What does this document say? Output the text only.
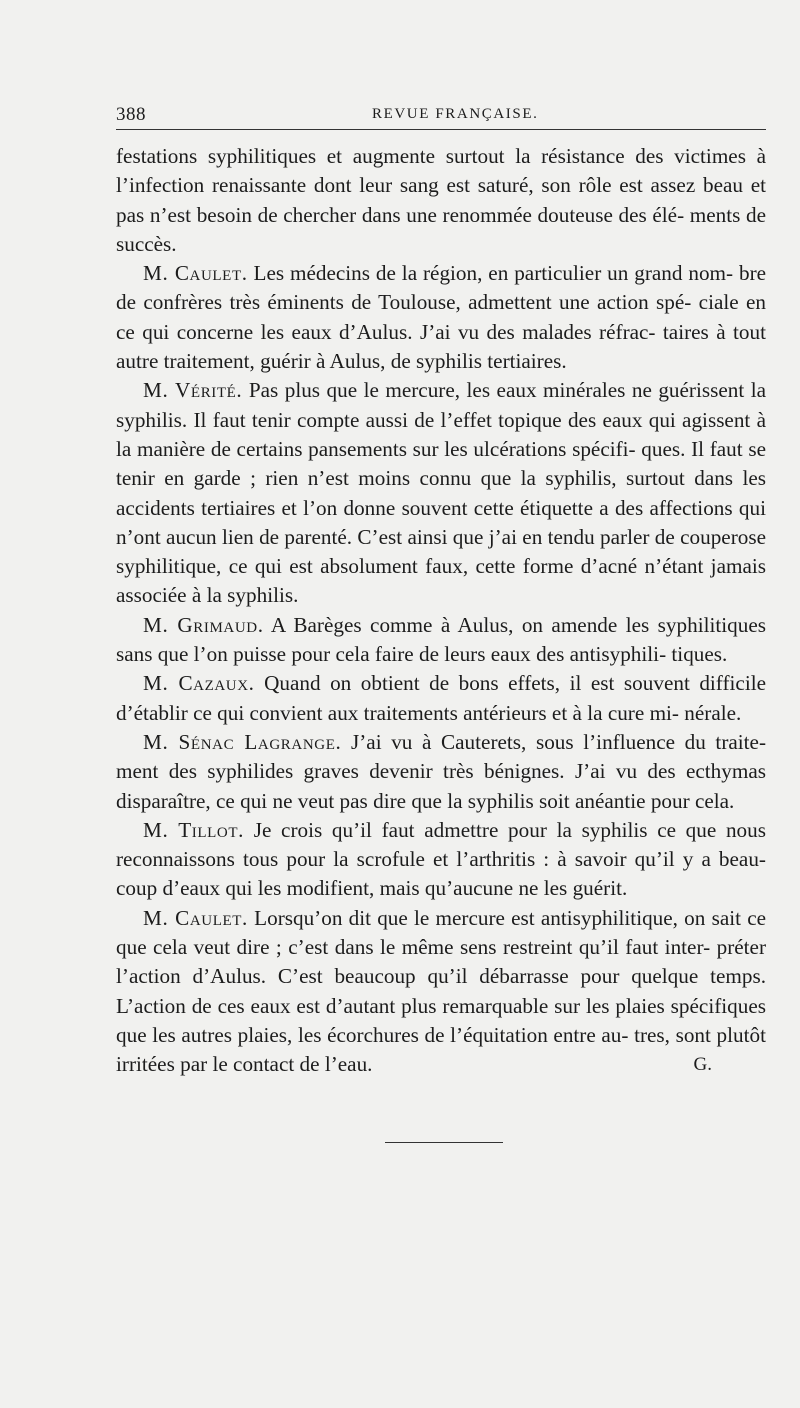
388	REVUE FRANÇAISE.

festations syphilitiques et augmente surtout la résistance des victimes à l’infection renaissante dont leur sang est saturé, son rôle est assez beau et pas n’est besoin de chercher dans une renommée douteuse des élé- ments de succès.

M. Caulet. Les médecins de la région, en particulier un grand nom- bre de confrères très éminents de Toulouse, admettent une action spé- ciale en ce qui concerne les eaux d’Aulus. J’ai vu des malades réfrac- taires à tout autre traitement, guérir à Aulus, de syphilis tertiaires.

M. Vérité. Pas plus que le mercure, les eaux minérales ne guérissent la syphilis. Il faut tenir compte aussi de l’effet topique des eaux qui agissent à la manière de certains pansements sur les ulcérations spécifi- ques. Il faut se tenir en garde ; rien n’est moins connu que la syphilis, surtout dans les accidents tertiaires et l’on donne souvent cette étiquette a des affections qui n’ont aucun lien de parenté. C’est ainsi que j’ai en tendu parler de couperose syphilitique, ce qui est absolument faux, cette forme d’acné n’étant jamais associée à la syphilis.

M. Grimaud. A Barèges comme à Aulus, on amende les syphilitiques sans que l’on puisse pour cela faire de leurs eaux des antisyphili- tiques.

M. Cazaux. Quand on obtient de bons effets, il est souvent difficile d’établir ce qui convient aux traitements antérieurs et à la cure mi- nérale.

M. Sénac Lagrange. J’ai vu à Cauterets, sous l’influence du traite- ment des syphilides graves devenir très bénignes. J’ai vu des ecthymas disparaître, ce qui ne veut pas dire que la syphilis soit anéantie pour cela.

M. Tillot. Je crois qu’il faut admettre pour la syphilis ce que nous reconnaissons tous pour la scrofule et l’arthritis : à savoir qu’il y a beau- coup d’eaux qui les modifient, mais qu’aucune ne les guérit.

M. Caulet. Lorsqu’on dit que le mercure est antisyphilitique, on sait ce que cela veut dire ; c’est dans le même sens restreint qu’il faut inter- préter l’action d’Aulus. C’est beaucoup qu’il débarrasse pour quelque temps. L’action de ces eaux est d’autant plus remarquable sur les plaies spécifiques que les autres plaies, les écorchures de l’équitation entre au- tres, sont plutôt irritées par le contact de l’eau.	G.
